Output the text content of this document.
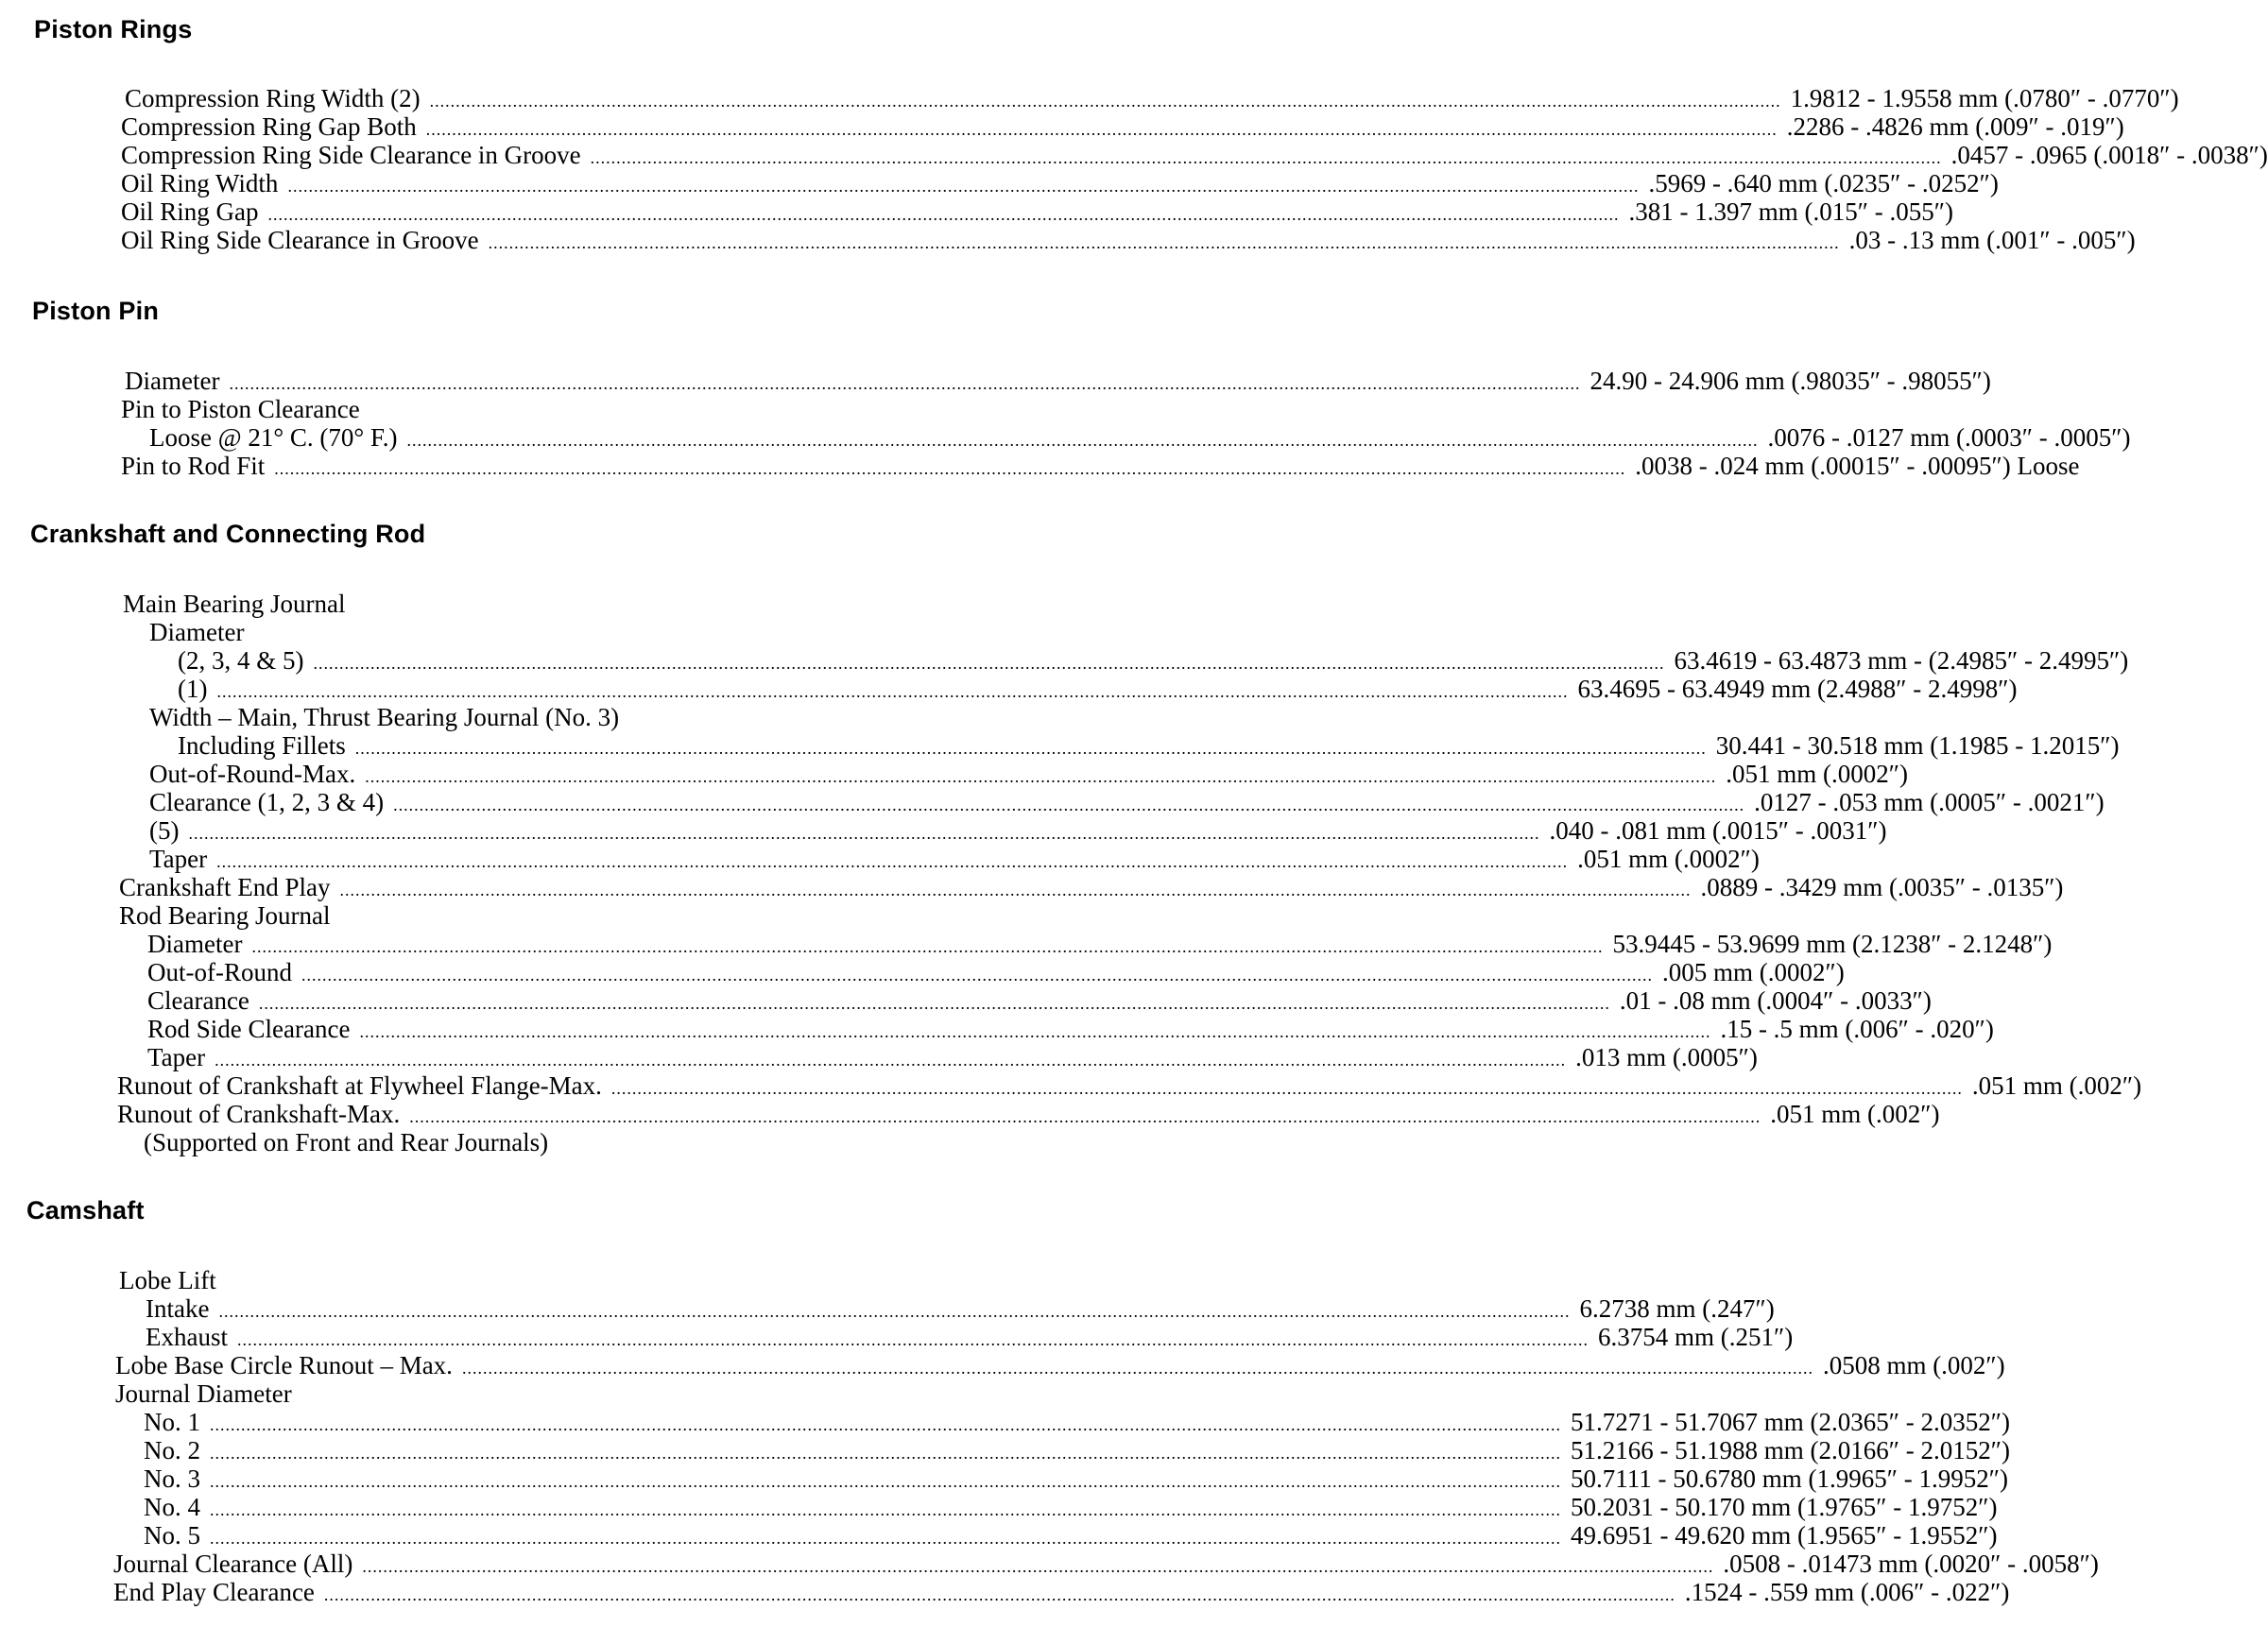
Piston Rings
Compression Ring Width (2) .................................................................................................................................................................................................................................................................... 1.9812 - 1.9558 mm (.0780″ - .0770″)
Compression Ring Gap Both .................................................................................................................................................................................................................................................................... .2286 - .4826 mm (.009″ - .019″)
Compression Ring Side Clearance in Groove .................................................................................................................................................................................................................................................................... .0457 - .0965 (.0018″ - .0038″)
Oil Ring Width .................................................................................................................................................................................................................................................................... .5969 - .640 mm (.0235″ - .0252″)
Oil Ring Gap .................................................................................................................................................................................................................................................................... .381 - 1.397 mm (.015″ - .055″)
Oil Ring Side Clearance in Groove .................................................................................................................................................................................................................................................................... .03 - .13 mm (.001″ - .005″)
Piston Pin
Diameter .................................................................................................................................................................................................................................................................... 24.90 - 24.906 mm (.98035″ - .98055″)
Pin to Piston Clearance
Loose @ 21° C. (70° F.) .................................................................................................................................................................................................................................................................... .0076 - .0127 mm (.0003″ - .0005″)
Pin to Rod Fit .................................................................................................................................................................................................................................................................... .0038 - .024 mm (.00015″ - .00095″) Loose
Crankshaft and Connecting Rod
Main Bearing Journal
Diameter
(2, 3, 4 & 5) .................................................................................................................................................................................................................................................................... 63.4619 - 63.4873 mm - (2.4985″ - 2.4995″)
(1) .................................................................................................................................................................................................................................................................... 63.4695 - 63.4949 mm (2.4988″ - 2.4998″)
Width – Main, Thrust Bearing Journal (No. 3)
Including Fillets .................................................................................................................................................................................................................................................................... 30.441 - 30.518 mm (1.1985 - 1.2015″)
Out-of-Round-Max. .................................................................................................................................................................................................................................................................... .051 mm (.0002″)
Clearance (1, 2, 3 & 4) .................................................................................................................................................................................................................................................................... .0127 - .053 mm (.0005″ - .0021″)
(5) .................................................................................................................................................................................................................................................................... .040 - .081 mm (.0015″ - .0031″)
Taper .................................................................................................................................................................................................................................................................... .051 mm (.0002″)
Crankshaft End Play .................................................................................................................................................................................................................................................................... .0889 - .3429 mm (.0035″ - .0135″)
Rod Bearing Journal
Diameter .................................................................................................................................................................................................................................................................... 53.9445 - 53.9699 mm (2.1238″ - 2.1248″)
Out-of-Round .................................................................................................................................................................................................................................................................... .005 mm (.0002″)
Clearance .................................................................................................................................................................................................................................................................... .01 - .08 mm (.0004″ - .0033″)
Rod Side Clearance .................................................................................................................................................................................................................................................................... .15 - .5 mm (.006″ - .020″)
Taper .................................................................................................................................................................................................................................................................... .013 mm (.0005″)
Runout of Crankshaft at Flywheel Flange-Max. .................................................................................................................................................................................................................................................................... .051 mm (.002″)
Runout of Crankshaft-Max. .................................................................................................................................................................................................................................................................... .051 mm (.002″)
(Supported on Front and Rear Journals)
Camshaft
Lobe Lift
Intake .................................................................................................................................................................................................................................................................... 6.2738 mm (.247″)
Exhaust .................................................................................................................................................................................................................................................................... 6.3754 mm (.251″)
Lobe Base Circle Runout – Max. .................................................................................................................................................................................................................................................................... .0508 mm (.002″)
Journal Diameter
No. 1 .................................................................................................................................................................................................................................................................... 51.7271 - 51.7067 mm (2.0365″ - 2.0352″)
No. 2 .................................................................................................................................................................................................................................................................... 51.2166 - 51.1988 mm (2.0166″ - 2.0152″)
No. 3 .................................................................................................................................................................................................................................................................... 50.7111 - 50.6780 mm (1.9965″ - 1.9952″)
No. 4 .................................................................................................................................................................................................................................................................... 50.2031 - 50.170 mm (1.9765″ - 1.9752″)
No. 5 .................................................................................................................................................................................................................................................................... 49.6951 - 49.620 mm (1.9565″ - 1.9552″)
Journal Clearance (All) .................................................................................................................................................................................................................................................................... .0508 - .01473 mm (.0020″ - .0058″)
End Play Clearance .................................................................................................................................................................................................................................................................... .1524 - .559 mm (.006″ - .022″)
